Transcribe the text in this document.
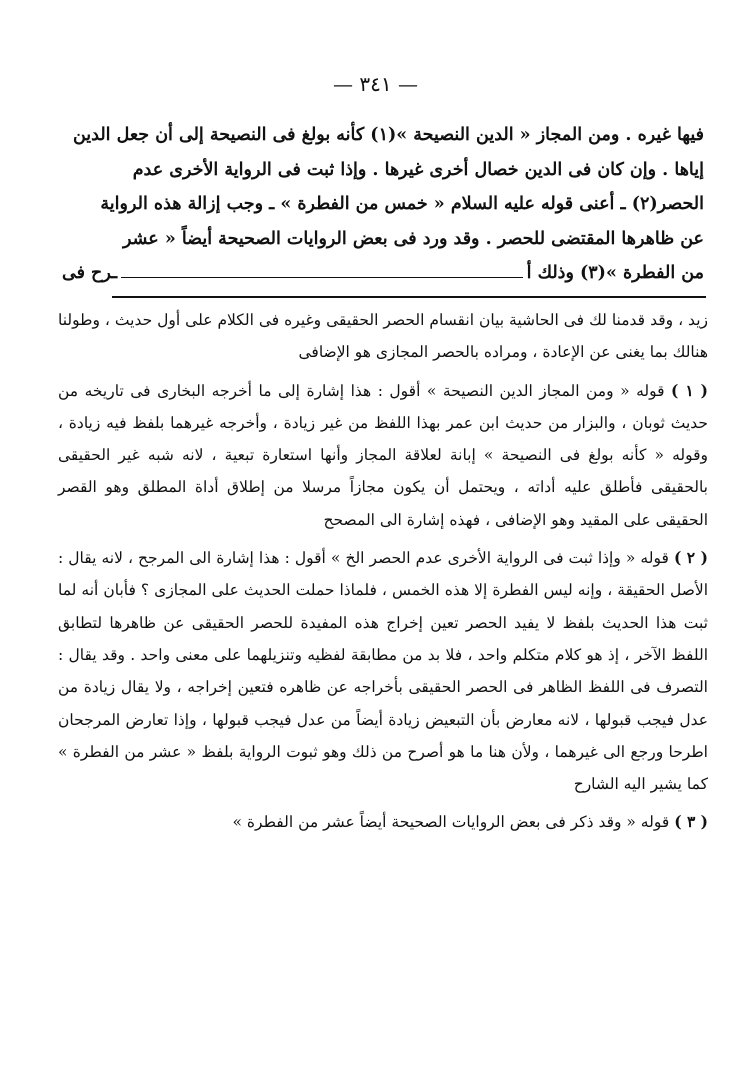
— ٣٤١ —

فيها غيره . ومن المجاز « الدين النصيحة »(١) كأنه بولغ فى النصيحة إلى أن جعل الدين

إياها . وإن كان فى الدين خصال أخرى غيرها . وإذا ثبت فى الرواية الأخرى عدم

الحصر(٢) ـ أعنى قوله عليه السلام « خمس من الفطرة » ـ وجب إزالة هذه الرواية

عن ظاهرها المقتضى للحصر . وقد ورد فى بعض الروايات الصحيحة أيضاً « عشر

من الفطرة »(٣) وذلك أ
ـرح فى

زيد ، وقد قدمنا لك فى الحاشية بيان انقسام الحصر الحقيقى وغيره فى الكلام على أول حديث ، وطولنا هنالك بما يغنى عن الإعادة ، ومراده بالحصر المجازى هو الإضافى

( ١ ) قوله « ومن المجاز الدين النصيحة » أقول : هذا إشارة إلى ما أخرجه البخارى فى تاريخه من حديث ثوبان ، والبزار من حديث ابن عمر بهذا اللفظ من غير زيادة ، وأخرجه غيرهما بلفظ فيه زيادة ، وقوله « كأنه بولغ فى النصيحة » إبانة لعلاقة المجاز وأنها استعارة تبعية ، لانه شبه غير الحقيقى بالحقيقى فأطلق عليه أداته ، ويحتمل أن يكون مجازاً مرسلا من إطلاق أداة المطلق وهو القصر الحقيقى على المقيد وهو الإضافى ، فهذه إشارة الى المصحح

( ٢ ) قوله « وإذا ثبت فى الرواية الأخرى عدم الحصر الخ » أقول : هذا إشارة الى المرجح ، لانه يقال : الأصل الحقيقة ، وإنه ليس الفطرة إلا هذه الخمس ، فلماذا حملت الحديث على المجازى ؟ فأبان أنه لما ثبت هذا الحديث بلفظ لا يفيد الحصر تعين إخراج هذه المفيدة للحصر الحقيقى عن ظاهرها لتطابق اللفظ الآخر ، إذ هو كلام متكلم واحد ، فلا بد من مطابقة لفظيه وتنزيلهما على معنى واحد . وقد يقال : التصرف فى اللفظ الظاهر فى الحصر الحقيقى بأخراجه عن ظاهره فتعين إخراجه ، ولا يقال زيادة من عدل فيجب قبولها ، لانه معارض بأن التبعيض زيادة أيضاً من عدل فيجب قبولها ، وإذا تعارض المرجحان اطرحا ورجع الى غيرهما ، ولأن هنا ما هو أصرح من ذلك وهو ثبوت الرواية بلفظ « عشر من الفطرة » كما يشير اليه الشارح

( ٣ ) قوله « وقد ذكر فى بعض الروايات الصحيحة أيضاً عشر من الفطرة »
